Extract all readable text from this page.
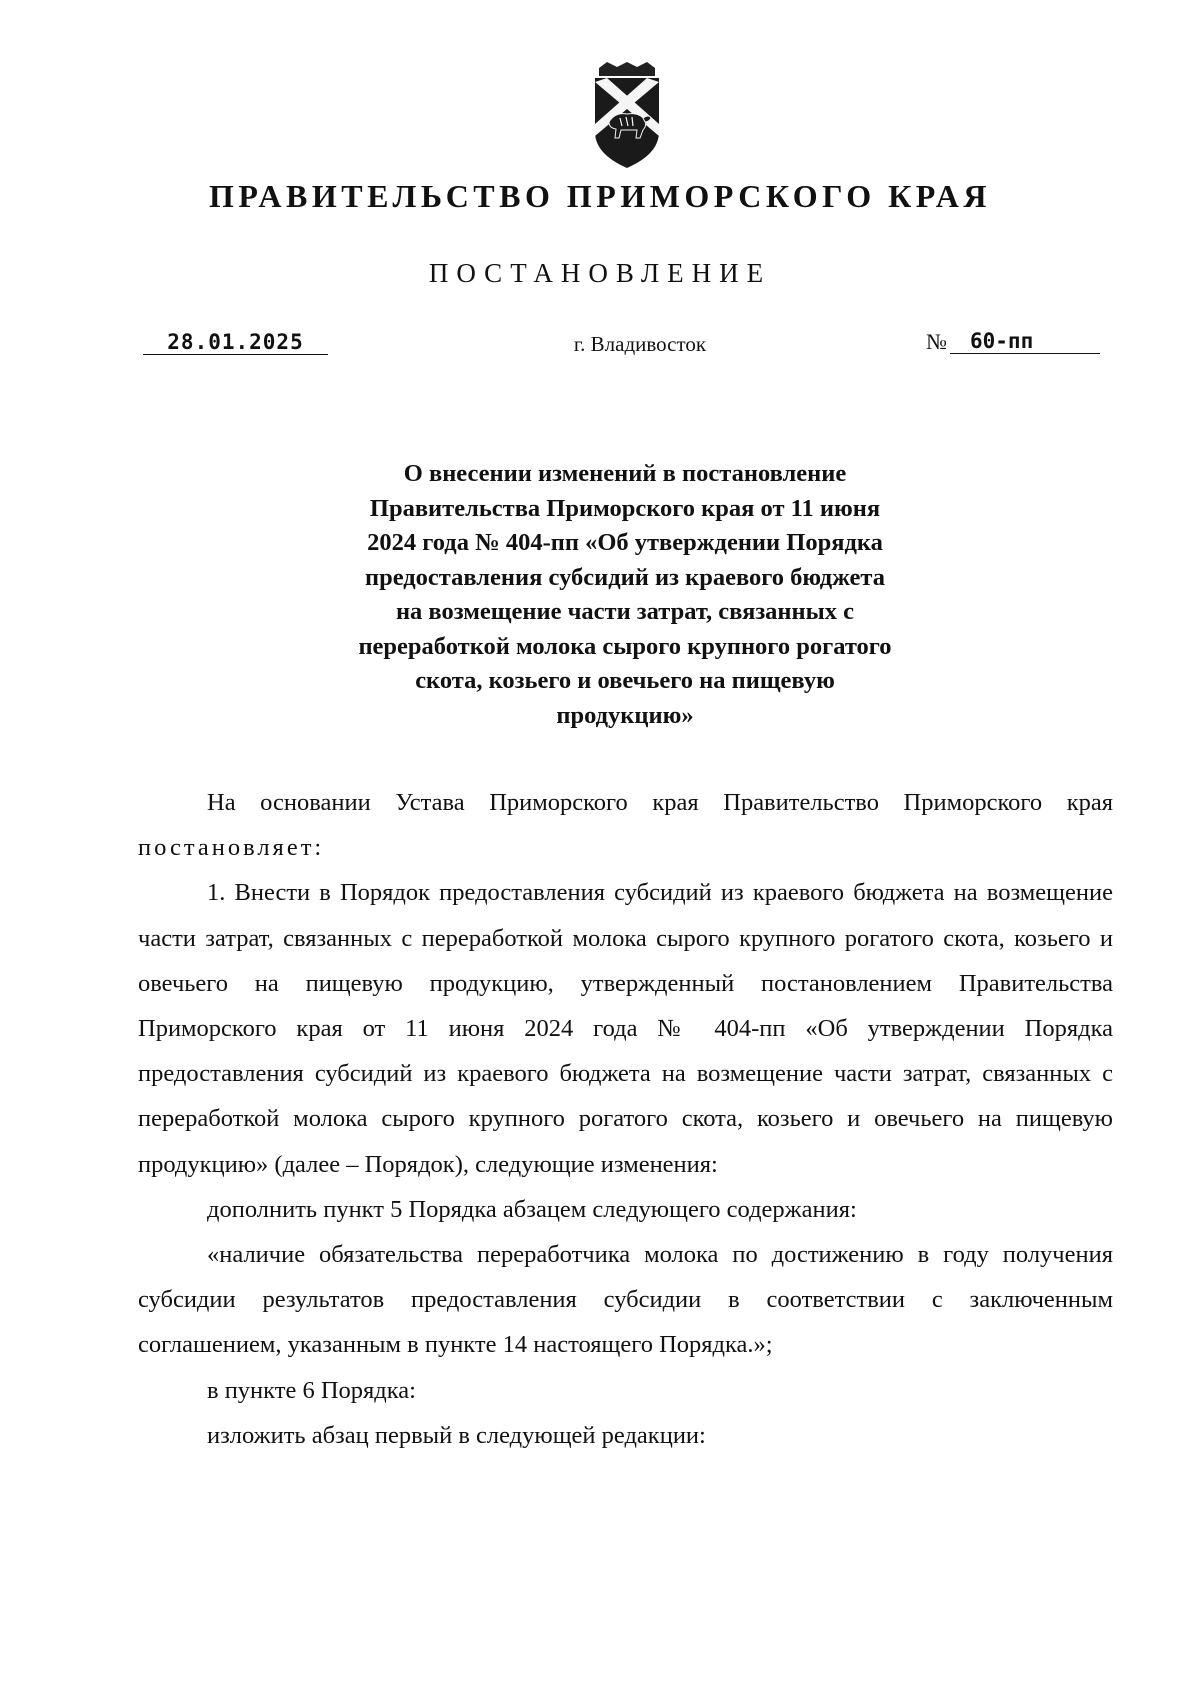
ПРАВИТЕЛЬСТВО ПРИМОРСКОГО КРАЯ
ПОСТАНОВЛЕНИЕ
28.01.2025	г. Владивосток	№	60-пп
О внесении изменений в постановление
Правительства Приморского края от 11 июня
2024 года № 404-пп «Об утверждении Порядка
предоставления субсидий из краевого бюджета
на возмещение части затрат, связанных с
переработкой молока сырого крупного рогатого
скота, козьего и овечьего на пищевую
продукцию»

На основании Устава Приморского края Правительство Приморского края постановляет:

1. Внести в Порядок предоставления субсидий из краевого бюджета на возмещение части затрат, связанных с переработкой молока сырого крупного рогатого скота, козьего и овечьего на пищевую продукцию, утвержденный постановлением Правительства Приморского края от 11 июня 2024 года № 404-пп «Об утверждении Порядка предоставления субсидий из краевого бюджета на возмещение части затрат, связанных с переработкой молока сырого крупного рогатого скота, козьего и овечьего на пищевую продукцию» (далее – Порядок), следующие изменения:

дополнить пункт 5 Порядка абзацем следующего содержания:

«наличие обязательства переработчика молока по достижению в году получения субсидии результатов предоставления субсидии в соответствии с заключенным соглашением, указанным в пункте 14 настоящего Порядка.»;

в пункте 6 Порядка:

изложить абзац первый в следующей редакции:
